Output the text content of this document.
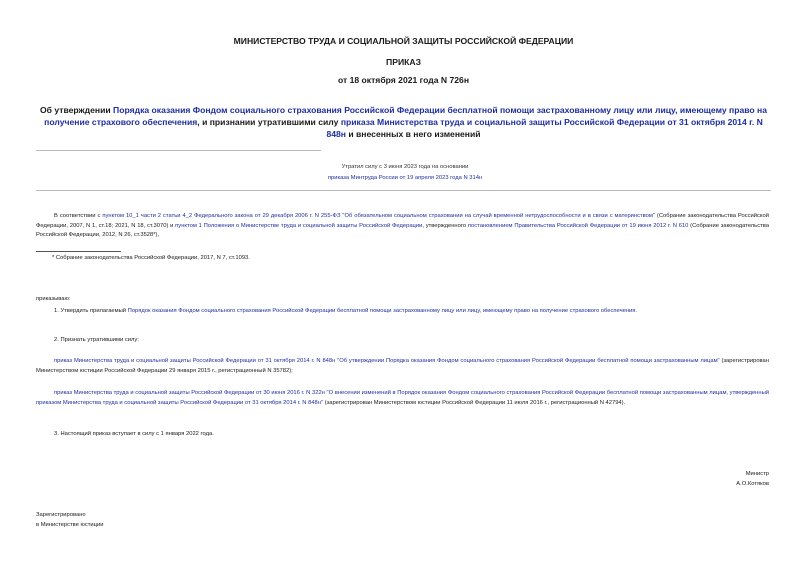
МИНИСТЕРСТВО ТРУДА И СОЦИАЛЬНОЙ ЗАЩИТЫ РОССИЙСКОЙ ФЕДЕРАЦИИ
ПРИКАЗ
от 18 октября 2021 года N 726н
Об утверждении Порядка оказания Фондом социального страхования Российской Федерации бесплатной помощи застрахованному лицу или лицу, имеющему право на получение страхового обеспечения, и признании утратившими силу приказа Министерства труда и социальной защиты Российской Федерации от 31 октября 2014 г. N 848н и внесенных в него изменений
Утратил силу с 3 июня 2023 года на основании
приказа Минтруда России от 19 апреля 2023 года N 314н
В соответствии с пунктом 10_1 части 2 статьи 4_2 Федерального закона от 29 декабря 2006 г. N 255-ФЗ "Об обязательном социальном страховании на случай временной нетрудоспособности и в связи с материнством" (Собрание законодательства Российской Федерации, 2007, N 1, ст.18; 2021, N 18, ст.3070) и пунктом 1 Положения о Министерстве труда и социальной защиты Российской Федерации, утвержденного постановлением Правительства Российской Федерации от 19 июня 2012 г. N 610 (Собрание законодательства Российской Федерации, 2012, N 26, ст.3528*),
* Собрание законодательства Российской Федерации, 2017, N 7, ст.1093.
приказываю:
1. Утвердить прилагаемый Порядок оказания Фондом социального страхования Российской Федерации бесплатной помощи застрахованному лицу или лицу, имеющему право на получение страхового обеспечения.
2. Признать утратившими силу:
приказ Министерства труда и социальной защиты Российской Федерации от 31 октября 2014 г. N 848н "Об утверждении Порядка оказания Фондом социального страхования Российской Федерации бесплатной помощи застрахованным лицам" (зарегистрирован Министерством юстиции Российской Федерации 29 января 2015 г., регистрационный N 35782);
приказ Министерства труда и социальной защиты Российской Федерации от 30 июня 2016 г. N 322н "О внесении изменений в Порядок оказания Фондом социального страхования Российской Федерации бесплатной помощи застрахованным лицам, утвержденный приказом Министерства труда и социальной защиты Российской Федерации от 31 октября 2014 г. N 848н" (зарегистрирован Министерством юстиции Российской Федерации 11 июля 2016 г., регистрационный N 42794).
3. Настоящий приказ вступает в силу с 1 января 2022 года.
Министр
А.О.Котяков
Зарегистрировано
в Министерстве юстиции
